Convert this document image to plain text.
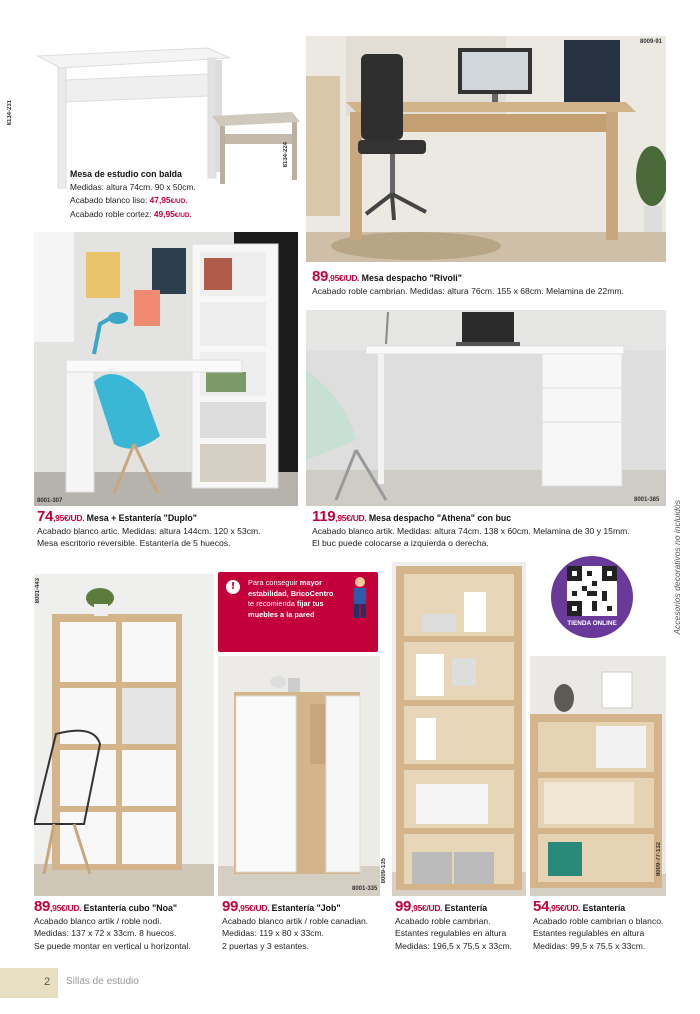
8134-231
8134-224
Mesa de estudio con balda
Medidas: altura 74cm. 90 x 50cm.
Acabado blanco liso: 47,95€/UD.
Acabado roble cortez: 49,95€/UD.
8009-91
89,95€/UD. Mesa despacho "Rivoli"
Acabado roble cambrian. Medidas: altura 76cm. 155 x 68cm. Melamina de 22mm.
8001-307
74,95€/UD. Mesa + Estantería "Duplo"
Acabado blanco artic. Medidas: altura 144cm. 120 x 53cm.
Mesa escritorio reversible. Estantería de 5 huecos.
8001-385
119,95€/UD. Mesa despacho "Athena" con buc
Acabado blanco artik. Medidas: altura 74cm. 138 x 60cm. Melamina de 30 y 15mm.
El buc puede colocarse a izquierda o derecha.	Accesorios decorativos no incluidos
8001-443	!	Para conseguir mayor
estabilidad, BricoCentro
te recomienda fijar tus
muebles a la pared
8001-335
8009-135
TIENDA ONLINE
8009-77-132
89,95€/UD. Estantería cubo "Noa"
Acabado blanco artik / roble nodi.
Medidas: 137 x 72 x 33cm. 8 huecos.
Se puede montar en vertical u horizontal.
99,95€/UD. Estantería "Job"
Acabado blanco artik / roble canadian.
Medidas: 119 x 80 x 33cm.
2 puertas y 3 estantes.
99,95€/UD. Estantería
Acabado roble cambrian.
Estantes regulables en altura
Medidas: 196,5 x 75,5 x 33cm.
54,95€/UD. Estantería
Acabado roble cambrian o blanco.
Estantes regulables en altura
Medidas: 99,5 x 75,5 x 33cm.
2 Sillas de estudio
